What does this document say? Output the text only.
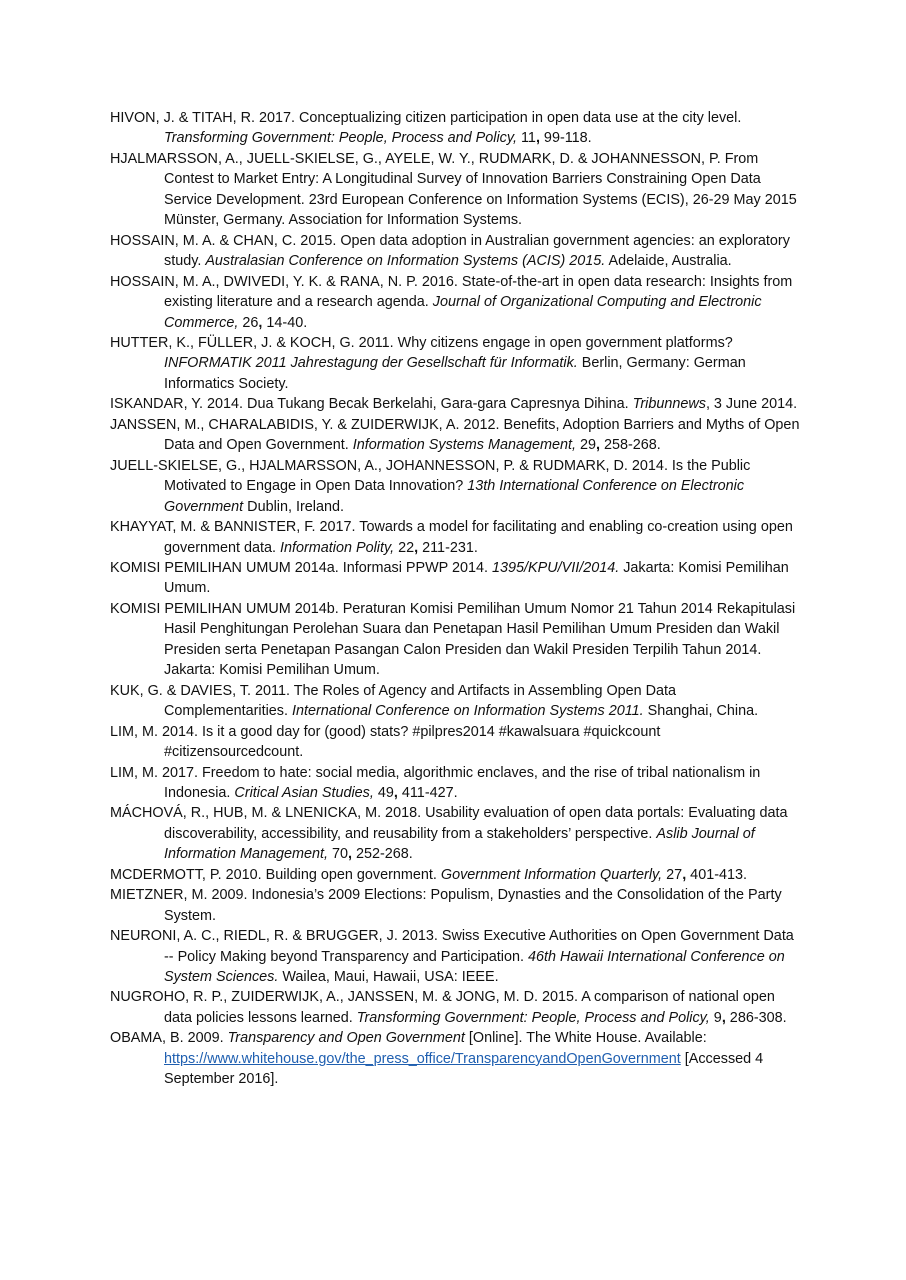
HIVON, J. & TITAH, R. 2017. Conceptualizing citizen participation in open data use at the city level. Transforming Government: People, Process and Policy, 11, 99-118.

HJALMARSSON, A., JUELL-SKIELSE, G., AYELE, W. Y., RUDMARK, D. & JOHANNESSON, P. From Contest to Market Entry: A Longitudinal Survey of Innovation Barriers Constraining Open Data Service Development. 23rd European Conference on Information Systems (ECIS), 26-29 May 2015 Münster, Germany. Association for Information Systems.

HOSSAIN, M. A. & CHAN, C. 2015. Open data adoption in Australian government agencies: an exploratory study. Australasian Conference on Information Systems (ACIS) 2015. Adelaide, Australia.

HOSSAIN, M. A., DWIVEDI, Y. K. & RANA, N. P. 2016. State-of-the-art in open data research: Insights from existing literature and a research agenda. Journal of Organizational Computing and Electronic Commerce, 26, 14-40.

HUTTER, K., FÜLLER, J. & KOCH, G. 2011. Why citizens engage in open government platforms? INFORMATIK 2011 Jahrestagung der Gesellschaft für Informatik. Berlin, Germany: German Informatics Society.

ISKANDAR, Y. 2014. Dua Tukang Becak Berkelahi, Gara-gara Capresnya Dihina. Tribunnews, 3 June 2014.

JANSSEN, M., CHARALABIDIS, Y. & ZUIDERWIJK, A. 2012. Benefits, Adoption Barriers and Myths of Open Data and Open Government. Information Systems Management, 29, 258-268.

JUELL-SKIELSE, G., HJALMARSSON, A., JOHANNESSON, P. & RUDMARK, D. 2014. Is the Public Motivated to Engage in Open Data Innovation? 13th International Conference on Electronic Government Dublin, Ireland.

KHAYYAT, M. & BANNISTER, F. 2017. Towards a model for facilitating and enabling co-creation using open government data. Information Polity, 22, 211-231.

KOMISI PEMILIHAN UMUM 2014a. Informasi PPWP 2014. 1395/KPU/VII/2014. Jakarta: Komisi Pemilihan Umum.

KOMISI PEMILIHAN UMUM 2014b. Peraturan Komisi Pemilihan Umum Nomor 21 Tahun 2014 Rekapitulasi Hasil Penghitungan Perolehan Suara dan Penetapan Hasil Pemilihan Umum Presiden dan Wakil Presiden serta Penetapan Pasangan Calon Presiden dan Wakil Presiden Terpilih Tahun 2014. Jakarta: Komisi Pemilihan Umum.

KUK, G. & DAVIES, T. 2011. The Roles of Agency and Artifacts in Assembling Open Data Complementarities. International Conference on Information Systems 2011. Shanghai, China.

LIM, M. 2014. Is it a good day for (good) stats? #pilpres2014 #kawalsuara #quickcount #citizensourcedcount.

LIM, M. 2017. Freedom to hate: social media, algorithmic enclaves, and the rise of tribal nationalism in Indonesia. Critical Asian Studies, 49, 411-427.

MÁCHOVÁ, R., HUB, M. & LNENICKA, M. 2018. Usability evaluation of open data portals: Evaluating data discoverability, accessibility, and reusability from a stakeholders’ perspective. Aslib Journal of Information Management, 70, 252-268.

MCDERMOTT, P. 2010. Building open government. Government Information Quarterly, 27, 401-413.

MIETZNER, M. 2009. Indonesia’s 2009 Elections: Populism, Dynasties and the Consolidation of the Party System.

NEURONI, A. C., RIEDL, R. & BRUGGER, J. 2013. Swiss Executive Authorities on Open Government Data -- Policy Making beyond Transparency and Participation. 46th Hawaii International Conference on System Sciences. Wailea, Maui, Hawaii, USA: IEEE.

NUGROHO, R. P., ZUIDERWIJK, A., JANSSEN, M. & JONG, M. D. 2015. A comparison of national open data policies lessons learned. Transforming Government: People, Process and Policy, 9, 286-308.

OBAMA, B. 2009. Transparency and Open Government [Online]. The White House. Available: https://www.whitehouse.gov/the_press_office/TransparencyandOpenGovernment [Accessed 4 September 2016].
